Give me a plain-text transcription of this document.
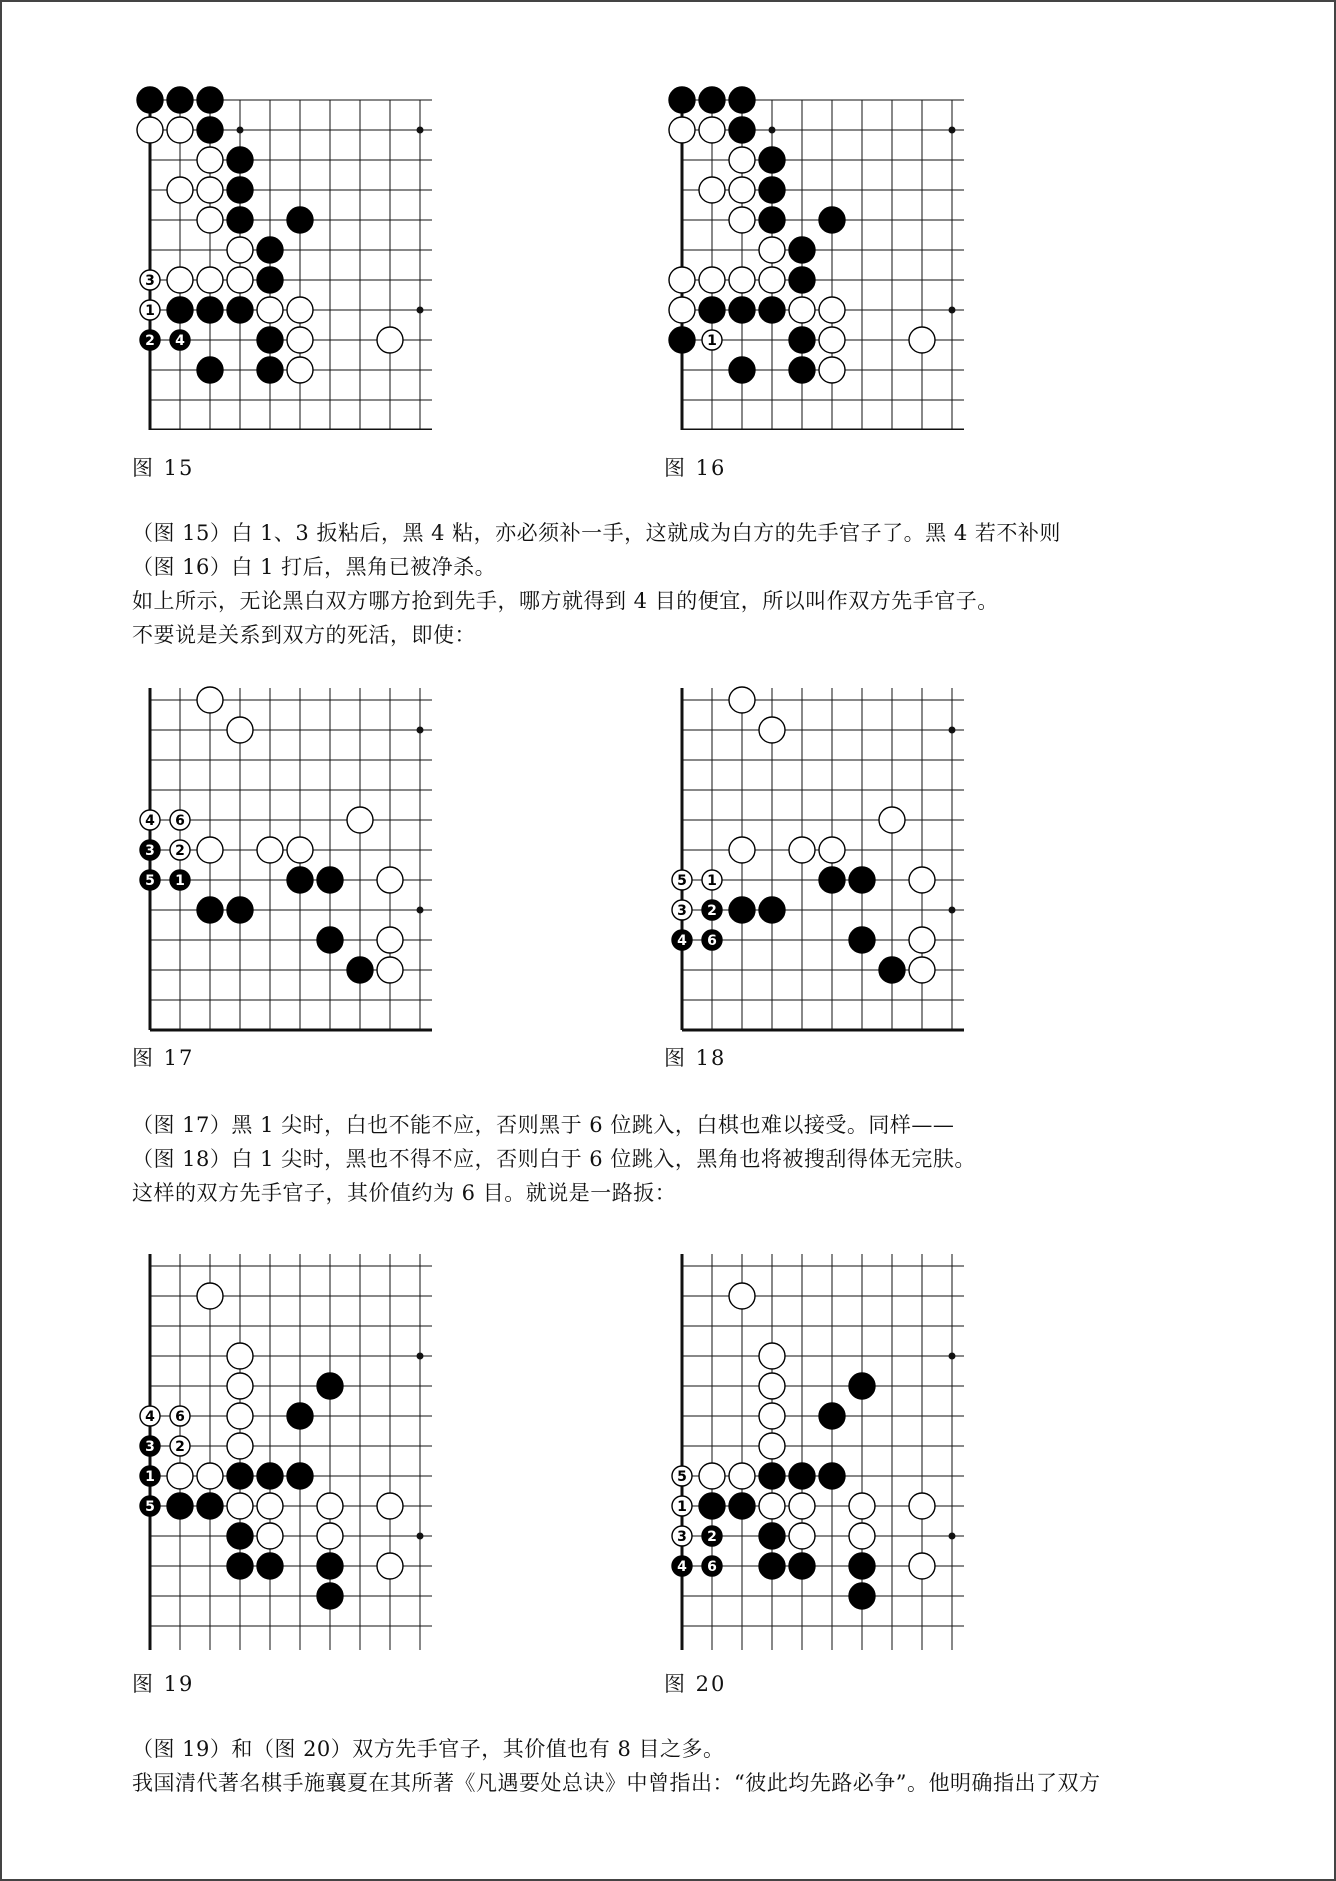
3
1
2 4
图 15
1
图 16
（图 15）白 1、3 扳粘后，黑 4 粘，亦必须补一手，这就成为白方的先手官子了。黑 4 若不补则
（图 16）白 1 打后，黑角已被净杀。
如上所示，无论黑白双方哪方抢到先手，哪方就得到 4 目的便宜，所以叫作双方先手官子。
不要说是关系到双方的死活，即使：
4 6
3 2
5 1
图 17
5 1
3 2
4 6
图 18
（图 17）黑 1 尖时，白也不能不应，否则黑于 6 位跳入，白棋也难以接受。同样——
（图 18）白 1 尖时，黑也不得不应，否则白于 6 位跳入，黑角也将被搜刮得体无完肤。
这样的双方先手官子，其价值约为 6 目。就说是一路扳：
4 6
3 2
1
5
图 19
5
1
3 2
4 6
图 20
（图 19）和（图 20）双方先手官子，其价值也有 8 目之多。
我国清代著名棋手施襄夏在其所著《凡遇要处总诀》中曾指出：“彼此均先路必争”。他明确指出了双方
